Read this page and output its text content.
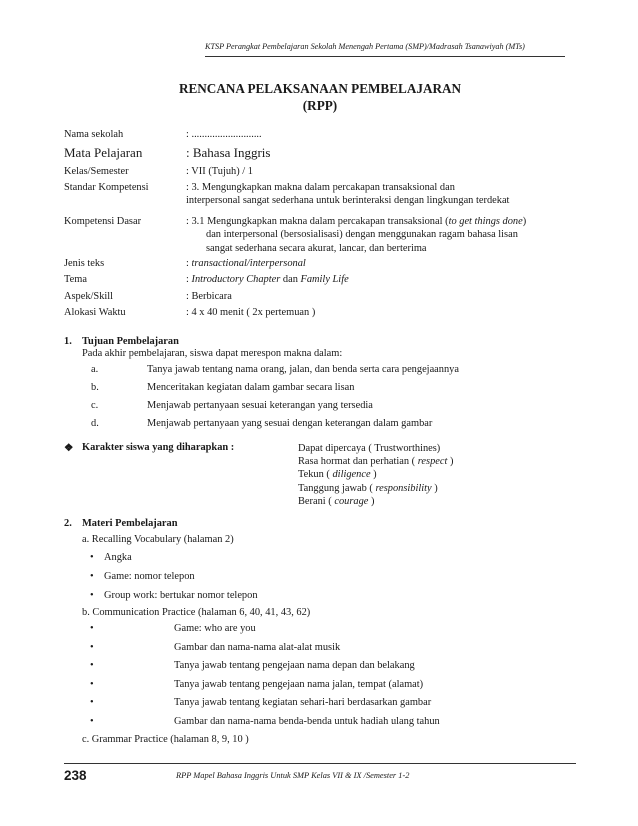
KTSP Perangkat Pembelajaran Sekolah Menengah Pertama (SMP)/Madrasah Tsanawiyah (MTs)
RENCANA PELAKSANAAN PEMBELAJARAN
(RPP)
Nama sekolah	: ...........................
Mata Pelajaran	: Bahasa Inggris
Kelas/Semester	: VII (Tujuh) / 1
Standar Kompetensi	: 3. Mengungkapkan makna dalam percakapan transaksional dan
interpersonal sangat sederhana untuk berinteraksi dengan lingkungan terdekat
Kompetensi Dasar	: 3.1 Mengungkapkan makna dalam percakapan transaksional (to get things done)
dan interpersonal (bersosialisasi) dengan menggunakan ragam bahasa lisan
sangat sederhana secara akurat, lancar, dan berterima
Jenis teks	: transactional/interpersonal
Tema	: Introductory Chapter dan Family Life
Aspek/Skill	: Berbicara
Alokasi Waktu	: 4 x 40 menit ( 2x pertemuan )
1. Tujuan Pembelajaran
Pada akhir pembelajaran, siswa dapat merespon makna dalam:
a.	Tanya jawab tentang nama orang, jalan, dan benda serta cara pengejaannya
b.	Menceritakan kegiatan dalam gambar secara lisan
c.	Menjawab pertanyaan sesuai keterangan yang tersedia
d.	Menjawab pertanyaan yang sesuai dengan keterangan dalam gambar
❖ Karakter siswa yang diharapkan :	Dapat dipercaya ( Trustworthines)
Rasa hormat dan perhatian ( respect )
Tekun ( diligence )
Tanggung jawab ( responsibility )
Berani ( courage )
2. Materi Pembelajaran
a. Recalling Vocabulary (halaman 2)
• Angka
• Game: nomor telepon
• Group work: bertukar nomor telepon
b. Communication Practice (halaman 6, 40, 41, 43, 62)
•	Game: who are you
•	Gambar dan nama-nama alat-alat musik
•	Tanya jawab tentang pengejaan nama depan dan belakang
•	Tanya jawab tentang pengejaan nama jalan, tempat (alamat)
•	Tanya jawab tentang kegiatan sehari-hari berdasarkan gambar
•	Gambar dan nama-nama benda-benda untuk hadiah ulang tahun
c. Grammar Practice (halaman 8, 9, 10 )
238	RPP Mapel Bahasa Inggris Untuk SMP Kelas VII & IX /Semester 1-2
